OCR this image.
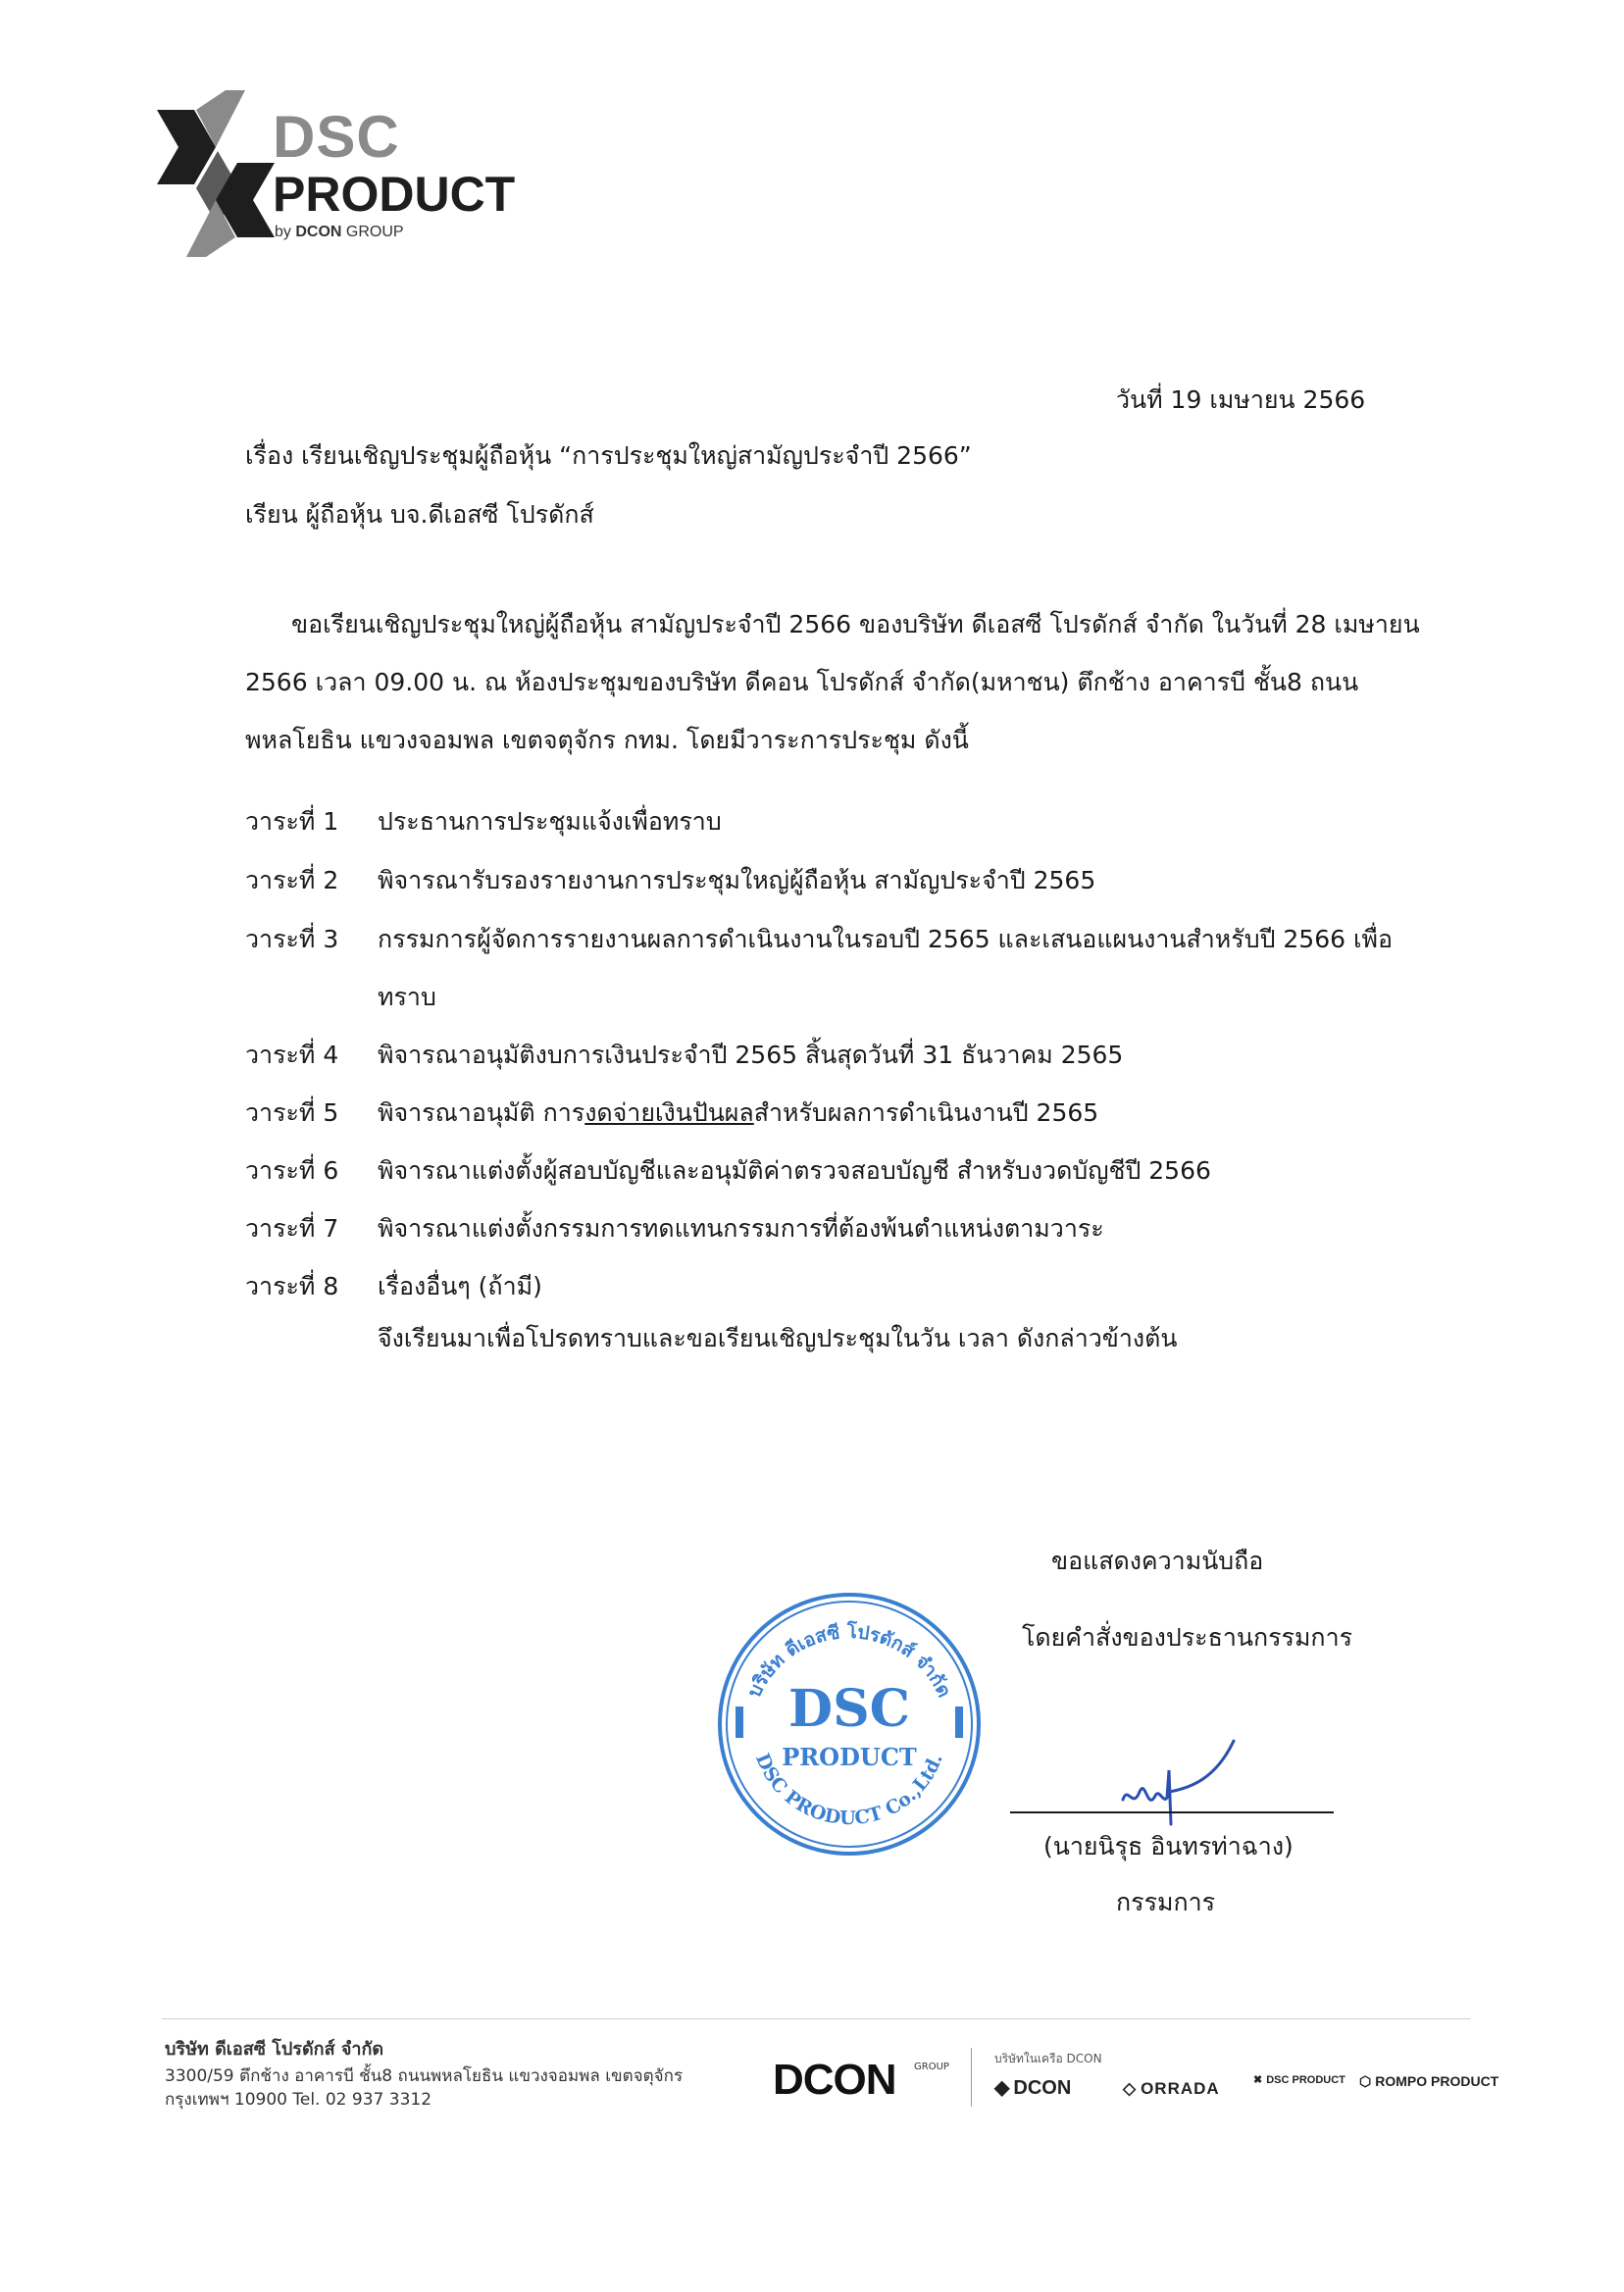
DSC
PRODUCT
by DCON GROUP
วันที่ 19 เมษายน 2566
เรื่อง เรียนเชิญประชุมผู้ถือหุ้น “การประชุมใหญ่สามัญประจำปี 2566”
เรียน ผู้ถือหุ้น บจ.ดีเอสซี โปรดักส์
ขอเรียนเชิญประชุมใหญ่ผู้ถือหุ้น สามัญประจำปี 2566 ของบริษัท ดีเอสซี โปรดักส์ จำกัด ในวันที่ 28 เมษายน
2566 เวลา 09.00 น. ณ ห้องประชุมของบริษัท ดีคอน โปรดักส์ จำกัด(มหาชน) ตึกช้าง อาคารบี ชั้น8 ถนน
พหลโยธิน แขวงจอมพล เขตจตุจักร กทม. โดยมีวาระการประชุม ดังนี้
วาระที่ 1 ประธานการประชุมแจ้งเพื่อทราบ
วาระที่ 2 พิจารณารับรองรายงานการประชุมใหญ่ผู้ถือหุ้น สามัญประจำปี 2565
วาระที่ 3 กรรมการผู้จัดการรายงานผลการดำเนินงานในรอบปี 2565 และเสนอแผนงานสำหรับปี 2566 เพื่อ
ทราบ
วาระที่ 4 พิจารณาอนุมัติงบการเงินประจำปี 2565 สิ้นสุดวันที่ 31 ธันวาคม 2565
วาระที่ 5 พิจารณาอนุมัติ การงดจ่ายเงินปันผลสำหรับผลการดำเนินงานปี 2565
วาระที่ 6 พิจารณาแต่งตั้งผู้สอบบัญชีและอนุมัติค่าตรวจสอบบัญชี สำหรับงวดบัญชีปี 2566
วาระที่ 7 พิจารณาแต่งตั้งกรรมการทดแทนกรรมการที่ต้องพ้นตำแหน่งตามวาระ
วาระที่ 8 เรื่องอื่นๆ (ถ้ามี)
จึงเรียนมาเพื่อโปรดทราบและขอเรียนเชิญประชุมในวัน เวลา ดังกล่าวข้างต้น
ขอแสดงความนับถือ
โดยคำสั่งของประธานกรรมการ
บริษัท ดีเอสซี โปรดักส์ จำกัด
DSC PRODUCT Co.,Ltd.
DSC
PRODUCT
(นายนิรุธ อินทรท่าฉาง)
กรรมการ
บริษัท ดีเอสซี โปรดักส์ จำกัด
3300/59 ตึกช้าง อาคารบี ชั้น8 ถนนพหลโยธิน แขวงจอมพล เขตจตุจักร
กรุงเทพฯ 10900 Tel. 02 937 3312	DCON GROUP
บริษัทในเครือ DCON
◆ DCON	◇ ORRADA	✖ DSC PRODUCT ⬡ ROMPO PRODUCT
